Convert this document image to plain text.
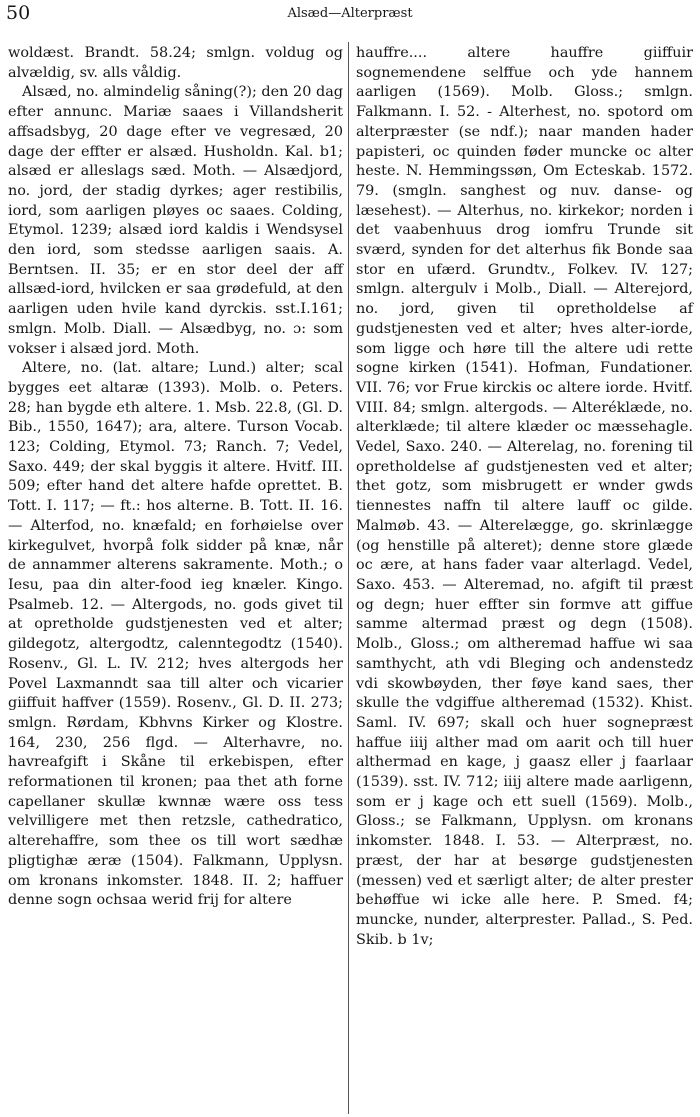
50	Alsæd—Alterpræst

woldæst. Brandt. 58.24; smlgn. voldug og alvældig, sv. alls våldig.

Alsæd, no. almindelig såning(?); den 20 dag efter annunc. Mariæ saaes i Villandsherit affsadsbyg, 20 dage efter ve vegresæd, 20 dage der effter er alsæd. Husholdn. Kal. b1; alsæd er alleslags sæd. Moth. — Alsædjord, no. jord, der stadig dyrkes; ager restibilis, iord, som aarligen pløyes oc saaes. Colding, Etymol. 1239; alsæd iord kaldis i Wendsysel den iord, som stedsse aarligen saais. A. Berntsen. II. 35; er en stor deel der aff allsæd-iord, hvilcken er saa grødefuld, at den aarligen uden hvile kand dyrckis. sst.I.161; smlgn. Molb. Diall. — Alsædbyg, no. ɔ: som vokser i alsæd jord. Moth.

Altere, no. (lat. altare; Lund.) alter; scal bygges eet altaræ (1393). Molb. o. Peters. 28; han bygde eth altere. 1. Msb. 22.8, (Gl. D. Bib., 1550, 1647); ara, altere. Turson Vocab. 123; Colding, Etymol. 73; Ranch. 7; Vedel, Saxo. 449; der skal byggis it altere. Hvitf. III. 509; efter hand det altere hafde oprettet. B. Tott. I. 117; — ft.: hos alterne. B. Tott. II. 16. — Alterfod, no. knæfald; en forhøielse over kirkegulvet, hvorpå folk sidder på knæ, når de annammer alterens sakramente. Moth.; o Iesu, paa din alter-food ieg knæler. Kingo. Psalmeb. 12. — Altergods, no. gods givet til at opretholde gudstjenesten ved et alter; gildegotz, altergodtz, calenntegodtz (1540). Rosenv., Gl. L. IV. 212; hves altergods her Povel Laxmanndt saa till alter och vicarier giiffuit haffver (1559). Rosenv., Gl. D. II. 273; smlgn. Rørdam, Kbhvns Kirker og Klostre. 164, 230, 256 flgd. — Alterhavre, no. havreafgift i Skåne til erkebispen, efter reformationen til kronen; paa thet ath forne capellaner skullæ kwnnæ wære oss tess velvilligere met then retzsle, cathedratico, alterehaffre, som thee os till wort sædhæ pligtighæ æræ (1504). Falkmann, Upplysn. om kronans inkomster. 1848. II. 2; haffuer denne sogn ochsaa werid frij for altere

hauffre.... altere hauffre giiffuir sognemendene selffue och yde hannem aarligen (1569). Molb. Gloss.; smlgn. Falkmann. I. 52. - Alterhest, no. spotord om alterpræster (se ndf.); naar manden hader papisteri, oc quinden føder muncke oc alter heste. N. Hemmingssøn, Om Ecteskab. 1572. 79. (smgln. sanghest og nuv. danse- og læsehest). — Alterhus, no. kirkekor; norden i det vaabenhuus drog iomfru Trunde sit sværd, synden for det alterhus fik Bonde saa stor en ufærd. Grundtv., Folkev. IV. 127; smlgn. altergulv i Molb., Diall. — Alterejord, no. jord, given til opretholdelse af gudstjenesten ved et alter; hves alter-iorde, som ligge och høre till the altere udi rette sogne kirken (1541). Hofman, Fundationer. VII. 76; vor Frue kirckis oc altere iorde. Hvitf. VIII. 84; smlgn. altergods. — Alteréklæde, no. alterklæde; til altere klæder oc mæssehagle. Vedel, Saxo. 240. — Alterelag, no. forening til opretholdelse af gudstjenesten ved et alter; thet gotz, som misbrugett er wnder gwds tiennestes naffn til altere lauff oc gilde. Malmøb. 43. — Alterelægge, go. skrinlægge (og henstille på alteret); denne store glæde oc ære, at hans fader vaar alterlagd. Vedel, Saxo. 453. — Alteremad, no. afgift til præst og degn; huer effter sin formve att giffue samme altermad præst og degn (1508). Molb., Gloss.; om altheremad haffue wi saa samthycht, ath vdi Bleging och andenstedz vdi skowbøyden, ther føye kand saes, ther skulle the vdgiffue altheremad (1532). Khist. Saml. IV. 697; skall och huer sognepræst haffue iiij alther mad om aarit och till huer althermad en kage, j gaasz eller j faarlaar (1539). sst. IV. 712; iiij altere made aarligenn, som er j kage och ett suell (1569). Molb., Gloss.; se Falkmann, Upplysn. om kronans inkomster. 1848. I. 53. — Alterpræst, no. præst, der har at besørge gudstjenesten (messen) ved et særligt alter; de alter prester behøffue wi icke alle here. P. Smed. f4; muncke, nunder, alterprester. Pallad., S. Ped. Skib. b 1v;
